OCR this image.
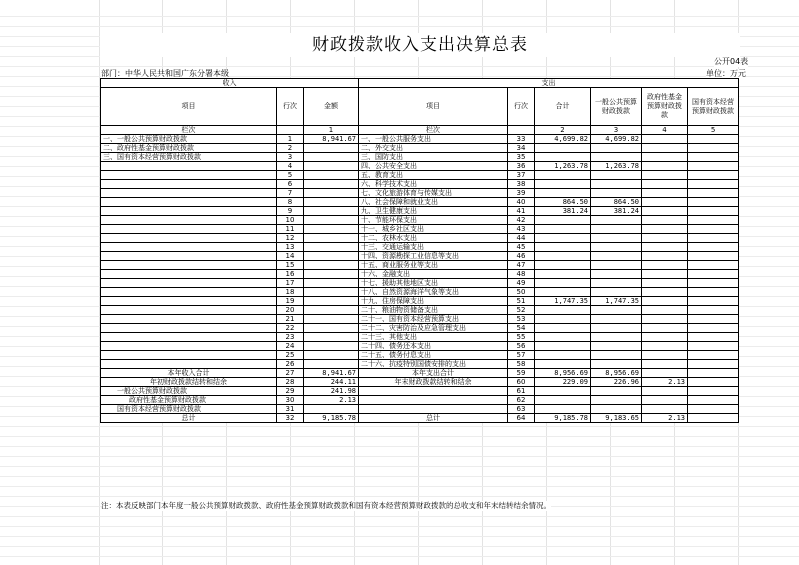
财政拨款收入支出决算总表
公开04表
部门：中华人民共和国广东分署本级	单位：万元
收入			支出					
项目	行次	金额	项目	行次	合计	一般公共预算财政拨款	政府性基金预算财政拨款	国有资本经营预算财政拨款
栏次		1	栏次		2	3	4	5
一、一般公共预算财政拨款	1	8,941.67	一、一般公共服务支出	33	4,699.82	4,699.82		
二、政府性基金预算财政拨款	2		二、外交支出	34				
三、国有资本经营预算财政拨款	3		三、国防支出	35				
	4		四、公共安全支出	36	1,263.78	1,263.78		
	5		五、教育支出	37				
	6		六、科学技术支出	38				
	7		七、文化旅游体育与传媒支出	39				
	8		八、社会保障和就业支出	40	864.50	864.50		
	9		九、卫生健康支出	41	381.24	381.24		
	10		十、节能环保支出	42				
	11		十一、城乡社区支出	43				
	12		十二、农林水支出	44				
	13		十三、交通运输支出	45				
	14		十四、资源勘探工业信息等支出	46				
	15		十五、商业服务业等支出	47				
	16		十六、金融支出	48				
	17		十七、援助其他地区支出	49				
	18		十八、自然资源海洋气象等支出	50				
	19		十九、住房保障支出	51	1,747.35	1,747.35		
	20		二十、粮油物资储备支出	52				
	21		二十一、国有资本经营预算支出	53				
	22		二十二、灾害防治及应急管理支出	54				
	23		二十三、其他支出	55				
	24		二十四、债务还本支出	56				
	25		二十五、债务付息支出	57				
	26		二十六、抗疫特别国债安排的支出	58				
本年收入合计	27	8,941.67	本年支出合计	59	8,956.69	8,956.69		
年初财政拨款结转和结余	28	244.11	年末财政拨款结转和结余	60	229.09	226.96	2.13	
一般公共预算财政拨款	29	241.98		61				
政府性基金预算财政拨款	30	2.13		62				
国有资本经营预算财政拨款	31			63				
总计	32	9,185.78	总计	64	9,185.78	9,183.65	2.13	
注：本表反映部门本年度一般公共预算财政拨款、政府性基金预算财政拨款和国有资本经营预算财政拨款的总收支和年末结转结余情况。
